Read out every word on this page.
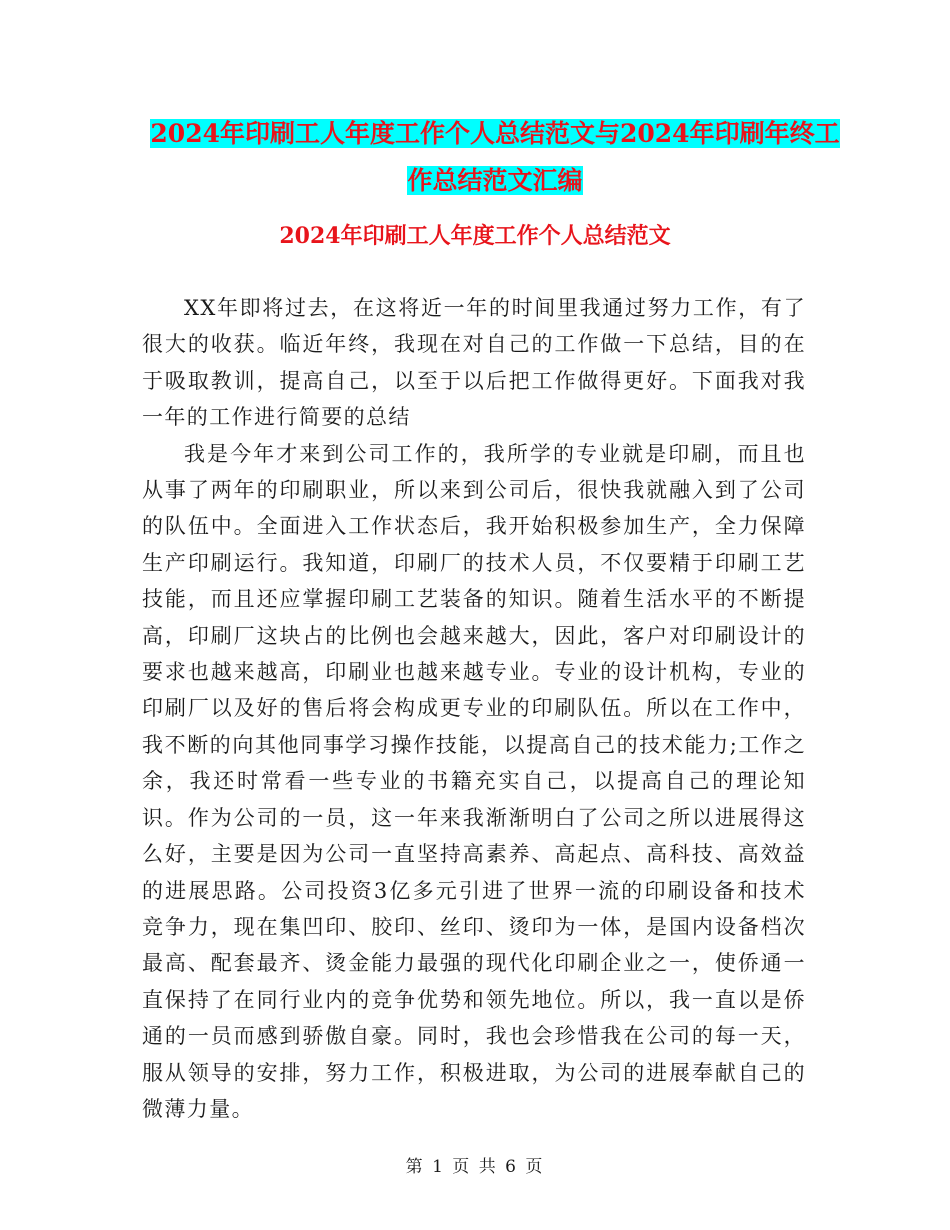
2024年印刷工人年度工作个人总结范文与2024年印刷年终工作总结范文汇编
2024年印刷工人年度工作个人总结范文

XX年即将过去，在这将近一年的时间里我通过努力工作，有了很大的收获。临近年终，我现在对自己的工作做一下总结，目的在于吸取教训，提高自己，以至于以后把工作做得更好。下面我对我一年的工作进行简要的总结

我是今年才来到公司工作的，我所学的专业就是印刷，而且也从事了两年的印刷职业，所以来到公司后，很快我就融入到了公司的队伍中。全面进入工作状态后，我开始积极参加生产，全力保障生产印刷运行。我知道，印刷厂的技术人员，不仅要精于印刷工艺技能，而且还应掌握印刷工艺装备的知识。随着生活水平的不断提高，印刷厂这块占的比例也会越来越大，因此，客户对印刷设计的要求也越来越高，印刷业也越来越专业。专业的设计机构，专业的印刷厂以及好的售后将会构成更专业的印刷队伍。所以在工作中，我不断的向其他同事学习操作技能，以提高自己的技术能力;工作之余，我还时常看一些专业的书籍充实自己，以提高自己的理论知识。作为公司的一员，这一年来我渐渐明白了公司之所以进展得这么好，主要是因为公司一直坚持高素养、高起点、高科技、高效益的进展思路。公司投资3亿多元引进了世界一流的印刷设备和技术竞争力，现在集凹印、胶印、丝印、烫印为一体，是国内设备档次最高、配套最齐、烫金能力最强的现代化印刷企业之一，使侨通一直保持了在同行业内的竞争优势和领先地位。所以，我一直以是侨通的一员而感到骄傲自豪。同时，我也会珍惜我在公司的每一天，服从领导的安排，努力工作，积极进取，为公司的进展奉献自己的微薄力量。

第 1 页 共 6 页
